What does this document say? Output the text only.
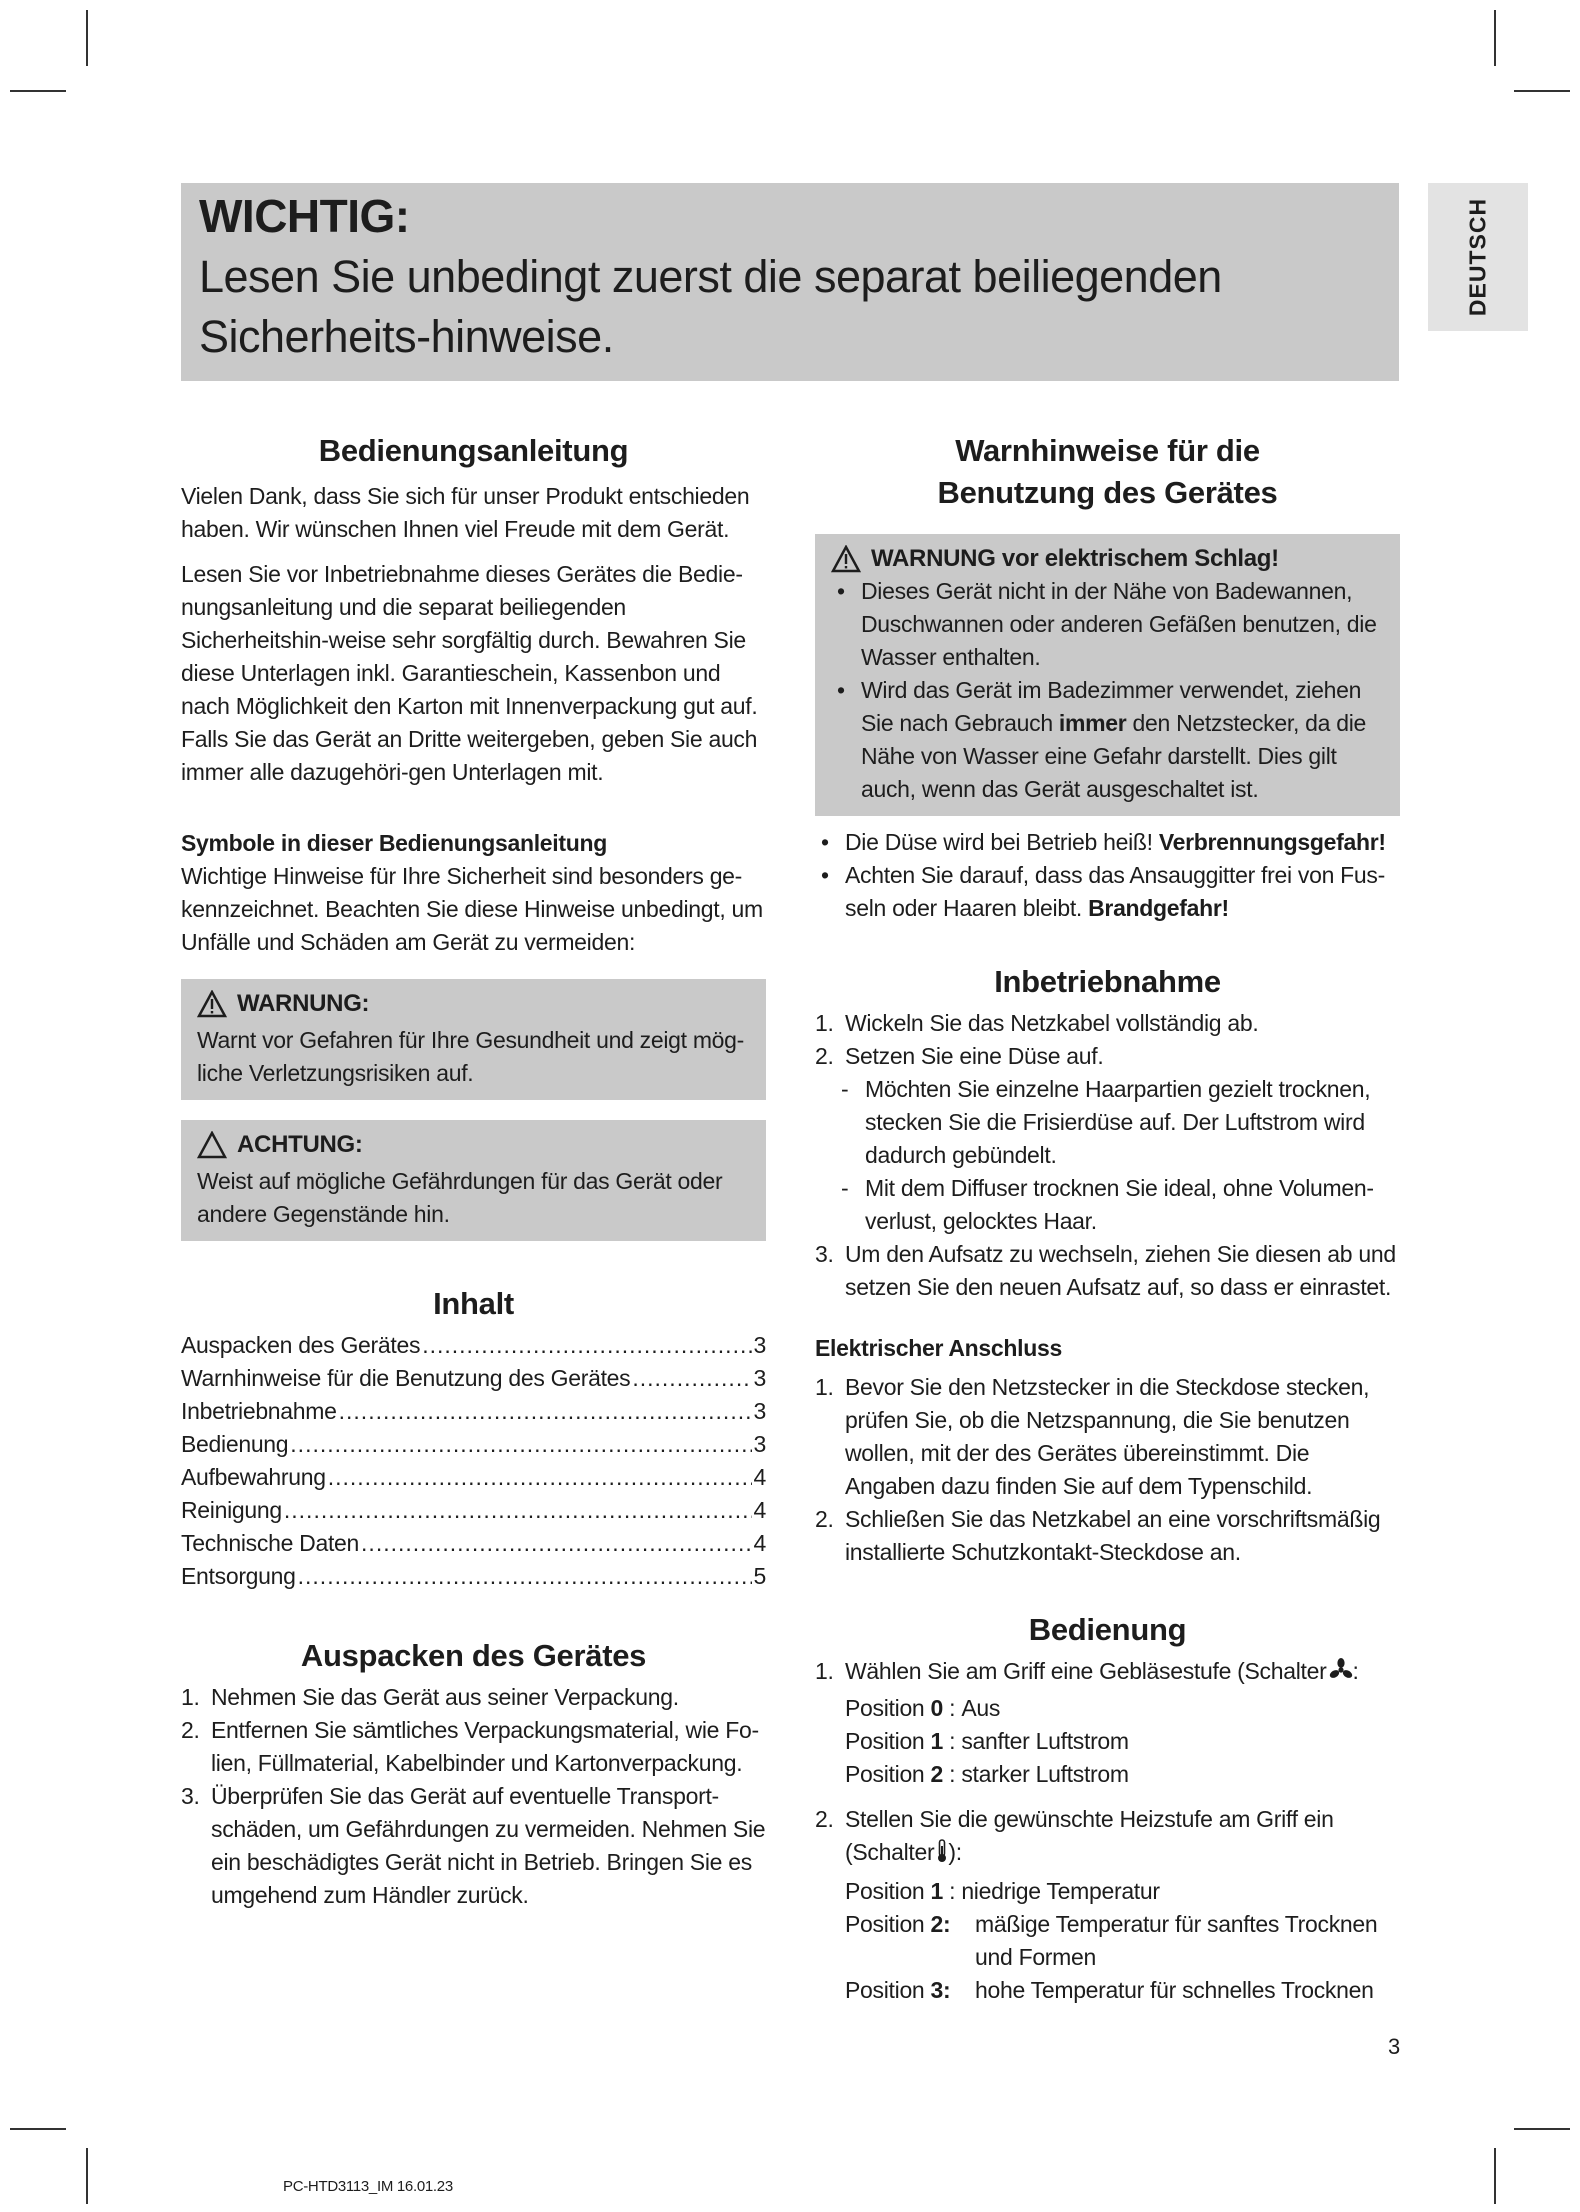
WICHTIG:
Lesen Sie unbedingt zuerst die separat beiliegenden Sicherheits-hinweise.
DEUTSCH
Bedienungsanleitung

Vielen Dank, dass Sie sich für unser Produkt entschieden haben. Wir wünschen Ihnen viel Freude mit dem Gerät.

Lesen Sie vor Inbetriebnahme dieses Gerätes die Bedie-nungsanleitung und die separat beiliegenden Sicherheitshin-weise sehr sorgfältig durch. Bewahren Sie diese Unterlagen inkl. Garantieschein, Kassenbon und nach Möglichkeit den Karton mit Innenverpackung gut auf. Falls Sie das Gerät an Dritte weitergeben, geben Sie auch immer alle dazugehöri-gen Unterlagen mit.

Symbole in dieser Bedienungsanleitung

Wichtige Hinweise für Ihre Sicherheit sind besonders ge-kennzeichnet. Beachten Sie diese Hinweise unbedingt, um Unfälle und Schäden am Gerät zu vermeiden:

WARNUNG:

Warnt vor Gefahren für Ihre Gesundheit und zeigt mög-liche Verletzungsrisiken auf.

ACHTUNG:

Weist auf mögliche Gefährdungen für das Gerät oder andere Gegenstände hin.

Inhalt
Auspacken des Gerätes .....	3
Warnhinweise für die Benutzung des Gerätes .....	3
Inbetriebnahme .....	3
Bedienung .....	3
Aufbewahrung .....	4
Reinigung .....	4
Technische Daten .....	4
Entsorgung .....	5
Auspacken des Gerätes
1. Nehmen Sie das Gerät aus seiner Verpackung.
2. Entfernen Sie sämtliches Verpackungsmaterial, wie Fo-lien, Füllmaterial, Kabelbinder und Kartonverpackung.
3. Überprüfen Sie das Gerät auf eventuelle Transport-schäden, um Gefährdungen zu vermeiden. Nehmen Sie ein beschädigtes Gerät nicht in Betrieb. Bringen Sie es umgehend zum Händler zurück.
Warnhinweise für die
Benutzung des Gerätes
WARNUNG vor elektrischem Schlag!
• Dieses Gerät nicht in der Nähe von Badewannen, Duschwannen oder anderen Gefäßen benutzen, die Wasser enthalten.
• Wird das Gerät im Badezimmer verwendet, ziehen Sie nach Gebrauch immer den Netzstecker, da die Nähe von Wasser eine Gefahr darstellt. Dies gilt auch, wenn das Gerät ausgeschaltet ist.
• Die Düse wird bei Betrieb heiß! Verbrennungsgefahr!
• Achten Sie darauf, dass das Ansauggitter frei von Fus-seln oder Haaren bleibt. Brandgefahr!
Inbetriebnahme
1. Wickeln Sie das Netzkabel vollständig ab.
2. Setzen Sie eine Düse auf.
- Möchten Sie einzelne Haarpartien gezielt trocknen, stecken Sie die Frisierdüse auf. Der Luftstrom wird dadurch gebündelt.
- Mit dem Diffuser trocknen Sie ideal, ohne Volumen-verlust, gelocktes Haar.
3. Um den Aufsatz zu wechseln, ziehen Sie diesen ab und setzen Sie den neuen Aufsatz auf, so dass er einrastet.
Elektrischer Anschluss
1. Bevor Sie den Netzstecker in die Steckdose stecken, prüfen Sie, ob die Netzspannung, die Sie benutzen wollen, mit der des Gerätes übereinstimmt. Die Angaben dazu finden Sie auf dem Typenschild.
2. Schließen Sie das Netzkabel an eine vorschriftsmäßig installierte Schutzkontakt-Steckdose an.
Bedienung
1. Wählen Sie am Griff eine Gebläsestufe (Schalter :
Position 0 : Aus
Position 1 : sanfter Luftstrom
Position 2 : starker Luftstrom
2. Stellen Sie die gewünschte Heizstufe am Griff ein (Schalter ):
Position 1 : niedrige Temperatur
Position 2:	mäßige Temperatur für sanftes Trocknen und Formen
Position 3:	hohe Temperatur für schnelles Trocknen
3
PC-HTD3113_IM 16.01.23
